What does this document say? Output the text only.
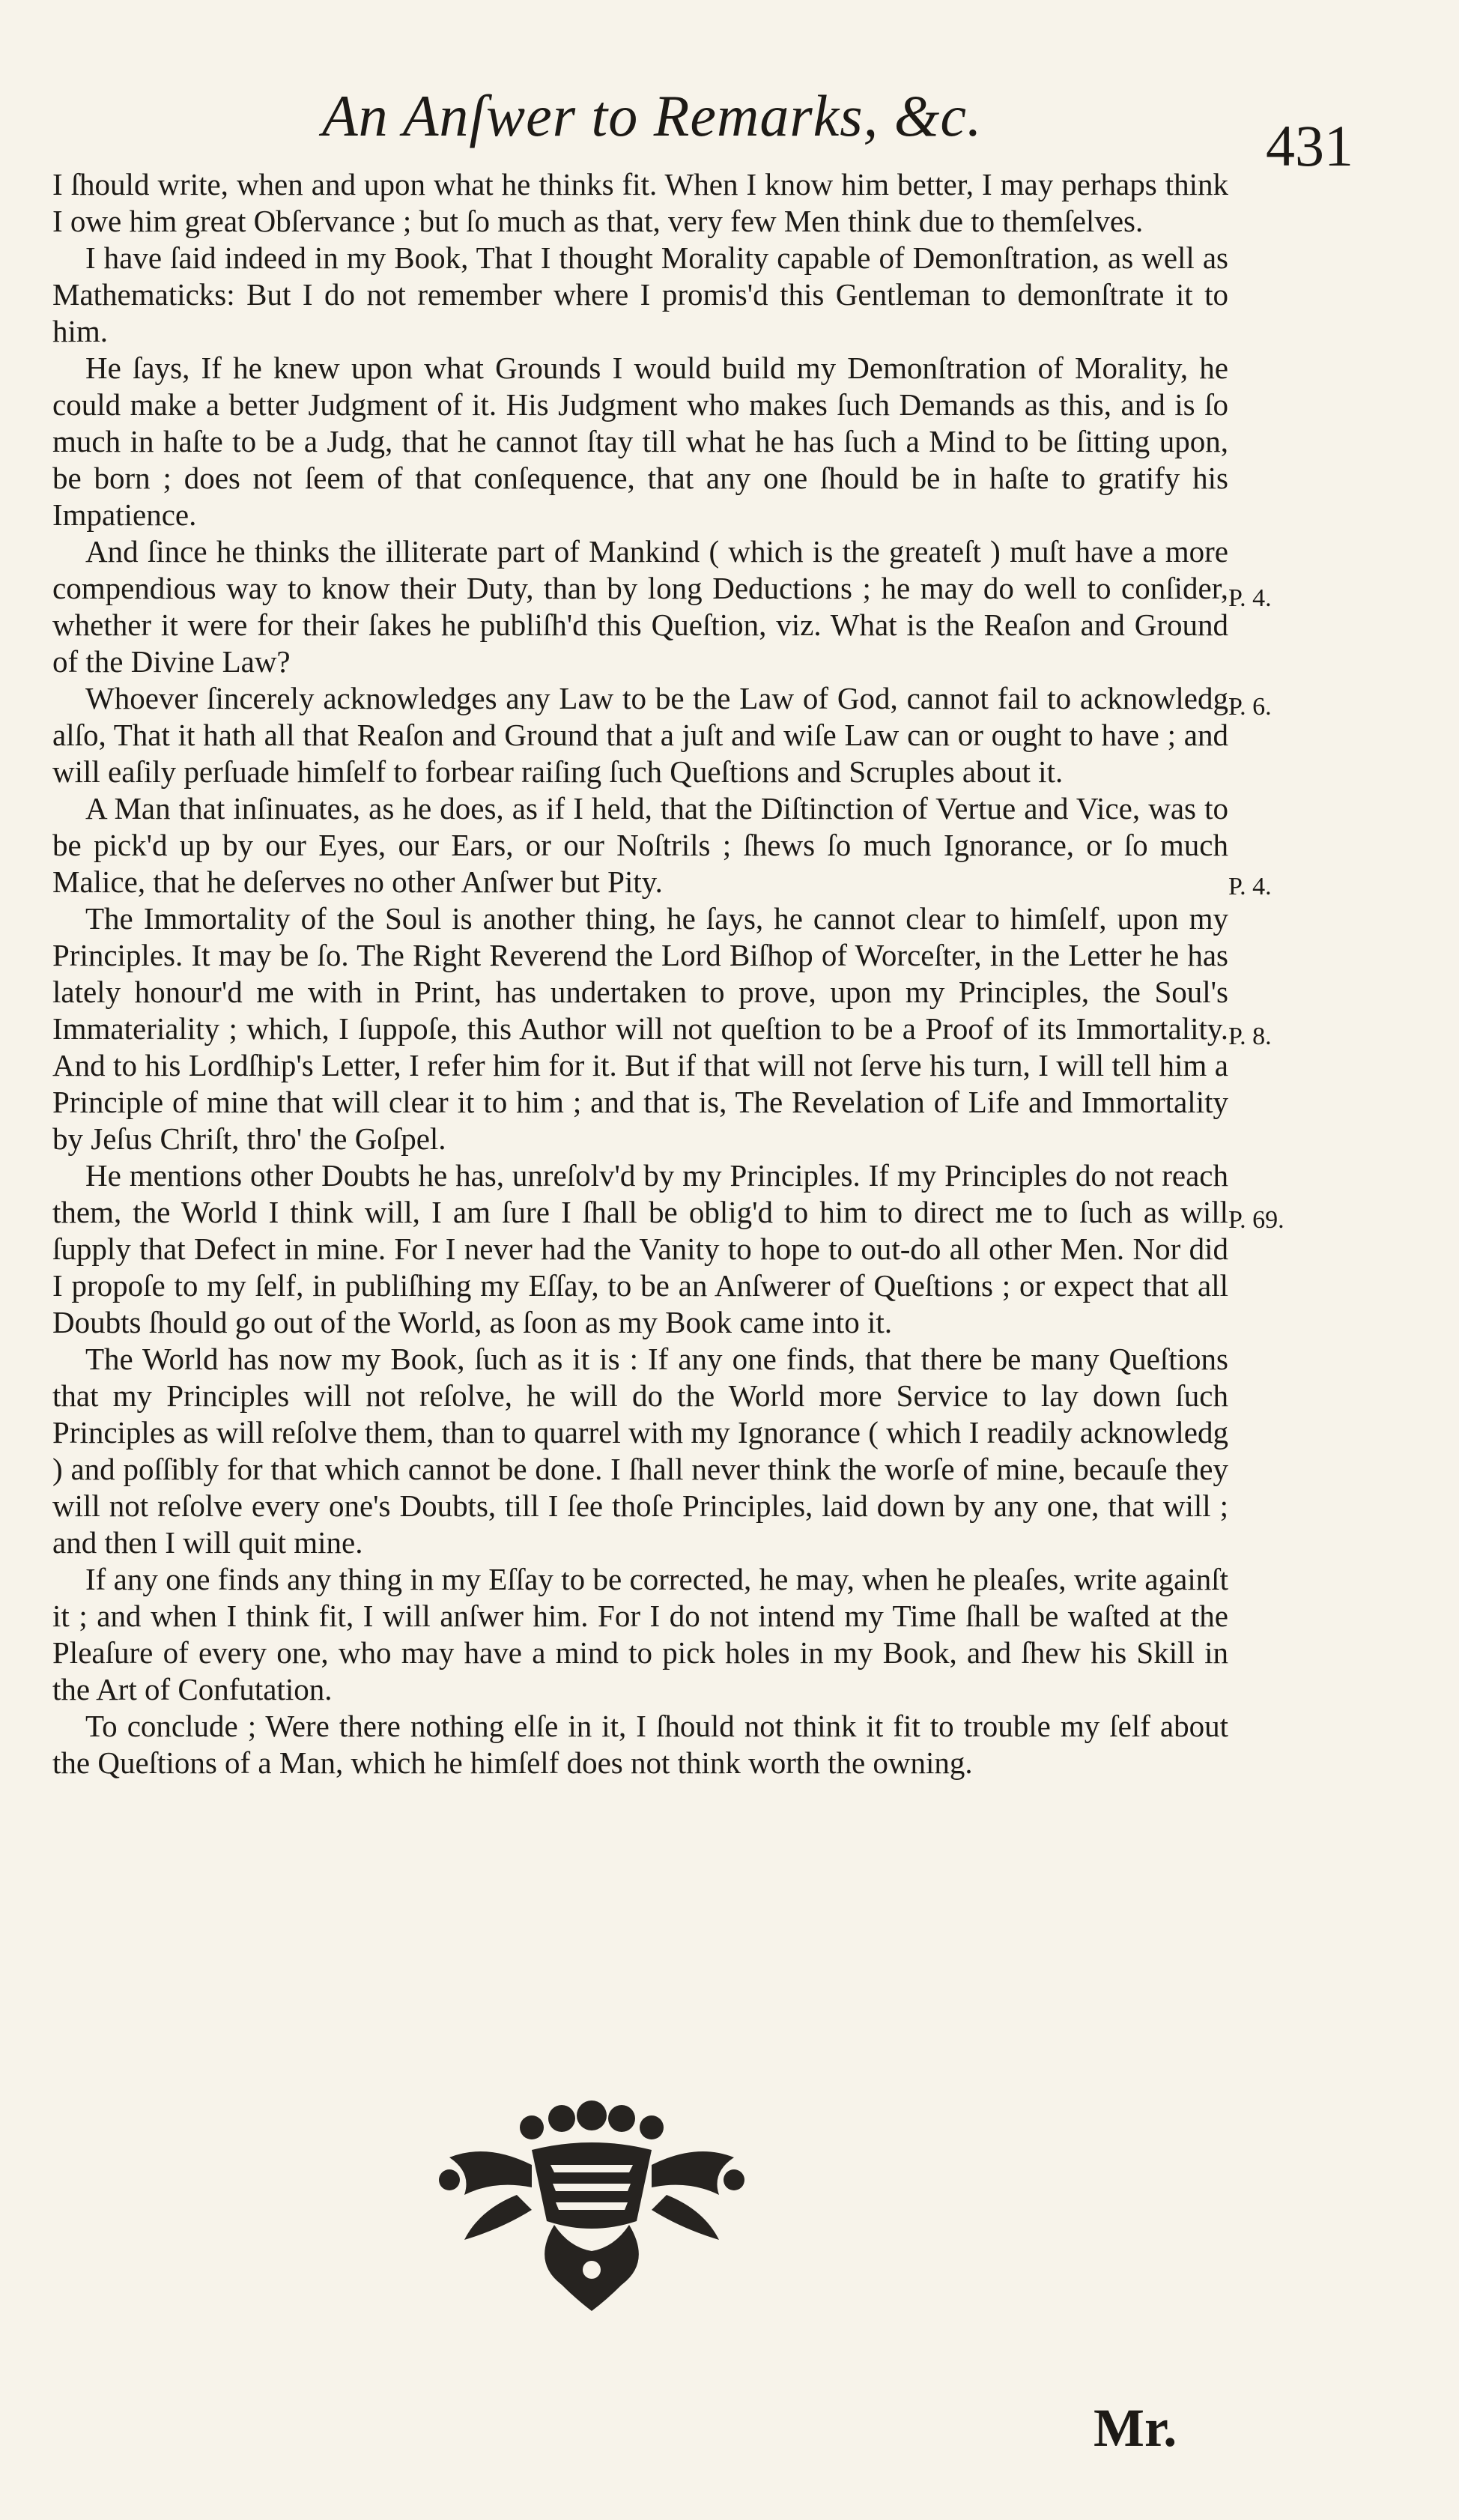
An Anſwer to Remarks, &c.	431

I ſhould write, when and upon what he thinks fit. When I know him better, I may perhaps think I owe him great Obſervance ; but ſo much as that, very few Men think due to themſelves.

I have ſaid indeed in my Book, That I thought Morality capable of Demonſtration, as well as Mathematicks: But I do not remember where I promis'd this Gentleman to demonſtrate it to him.

He ſays, If he knew upon what Grounds I would build my Demonſtration of Morality, he could make a better Judgment of it. His Judgment who makes ſuch Demands as this, and is ſo much in haſte to be a Judg, that he cannot ſtay till what he has ſuch a Mind to be ſitting upon, be born ; does not ſeem of that conſequence, that any one ſhould be in haſte to gratify his Impatience.

And ſince he thinks the illiterate part of Mankind ( which is the greateſt ) muſt have a more compendious way to know their Duty, than by long Deductions ; he may do well to conſider, whether it were for their ſakes he publiſh'd this Queſtion, viz. What is the Reaſon and Ground of the Divine Law?

Whoever ſincerely acknowledges any Law to be the Law of God, cannot fail to acknowledg alſo, That it hath all that Reaſon and Ground that a juſt and wiſe Law can or ought to have ; and will eaſily perſuade himſelf to forbear raiſing ſuch Queſtions and Scruples about it.

A Man that inſinuates, as he does, as if I held, that the Diſtinction of Vertue and Vice, was to be pick'd up by our Eyes, our Ears, or our Noſtrils ; ſhews ſo much Ignorance, or ſo much Malice, that he deſerves no other Anſwer but Pity.

The Immortality of the Soul is another thing, he ſays, he cannot clear to himſelf, upon my Principles. It may be ſo. The Right Reverend the Lord Biſhop of Worceſter, in the Letter he has lately honour'd me with in Print, has undertaken to prove, upon my Principles, the Soul's Immateriality ; which, I ſuppoſe, this Author will not queſtion to be a Proof of its Immortality. And to his Lordſhip's Letter, I refer him for it. But if that will not ſerve his turn, I will tell him a Principle of mine that will clear it to him ; and that is, The Revelation of Life and Immortality by Jeſus Chriſt, thro' the Goſpel.

He mentions other Doubts he has, unreſolv'd by my Principles. If my Principles do not reach them, the World I think will, I am ſure I ſhall be oblig'd to him to direct me to ſuch as will ſupply that Defect in mine. For I never had the Vanity to hope to out-do all other Men. Nor did I propoſe to my ſelf, in publiſhing my Eſſay, to be an Anſwerer of Queſtions ; or expect that all Doubts ſhould go out of the World, as ſoon as my Book came into it.

The World has now my Book, ſuch as it is : If any one finds, that there be many Queſtions that my Principles will not reſolve, he will do the World more Service to lay down ſuch Principles as will reſolve them, than to quarrel with my Ignorance ( which I readily acknowledg ) and poſſibly for that which cannot be done. I ſhall never think the worſe of mine, becauſe they will not reſolve every one's Doubts, till I ſee thoſe Principles, laid down by any one, that will ; and then I will quit mine.

If any one finds any thing in my Eſſay to be corrected, he may, when he pleaſes, write againſt it ; and when I think fit, I will anſwer him. For I do not intend my Time ſhall be waſted at the Pleaſure of every one, who may have a mind to pick holes in my Book, and ſhew his Skill in the Art of Confutation.

To conclude ; Were there nothing elſe in it, I ſhould not think it fit to trouble my ſelf about the Queſtions of a Man, which he himſelf does not think worth the owning.

P. 4.
P. 6.
P. 4.
P. 8.
P. 69.
Mr.
